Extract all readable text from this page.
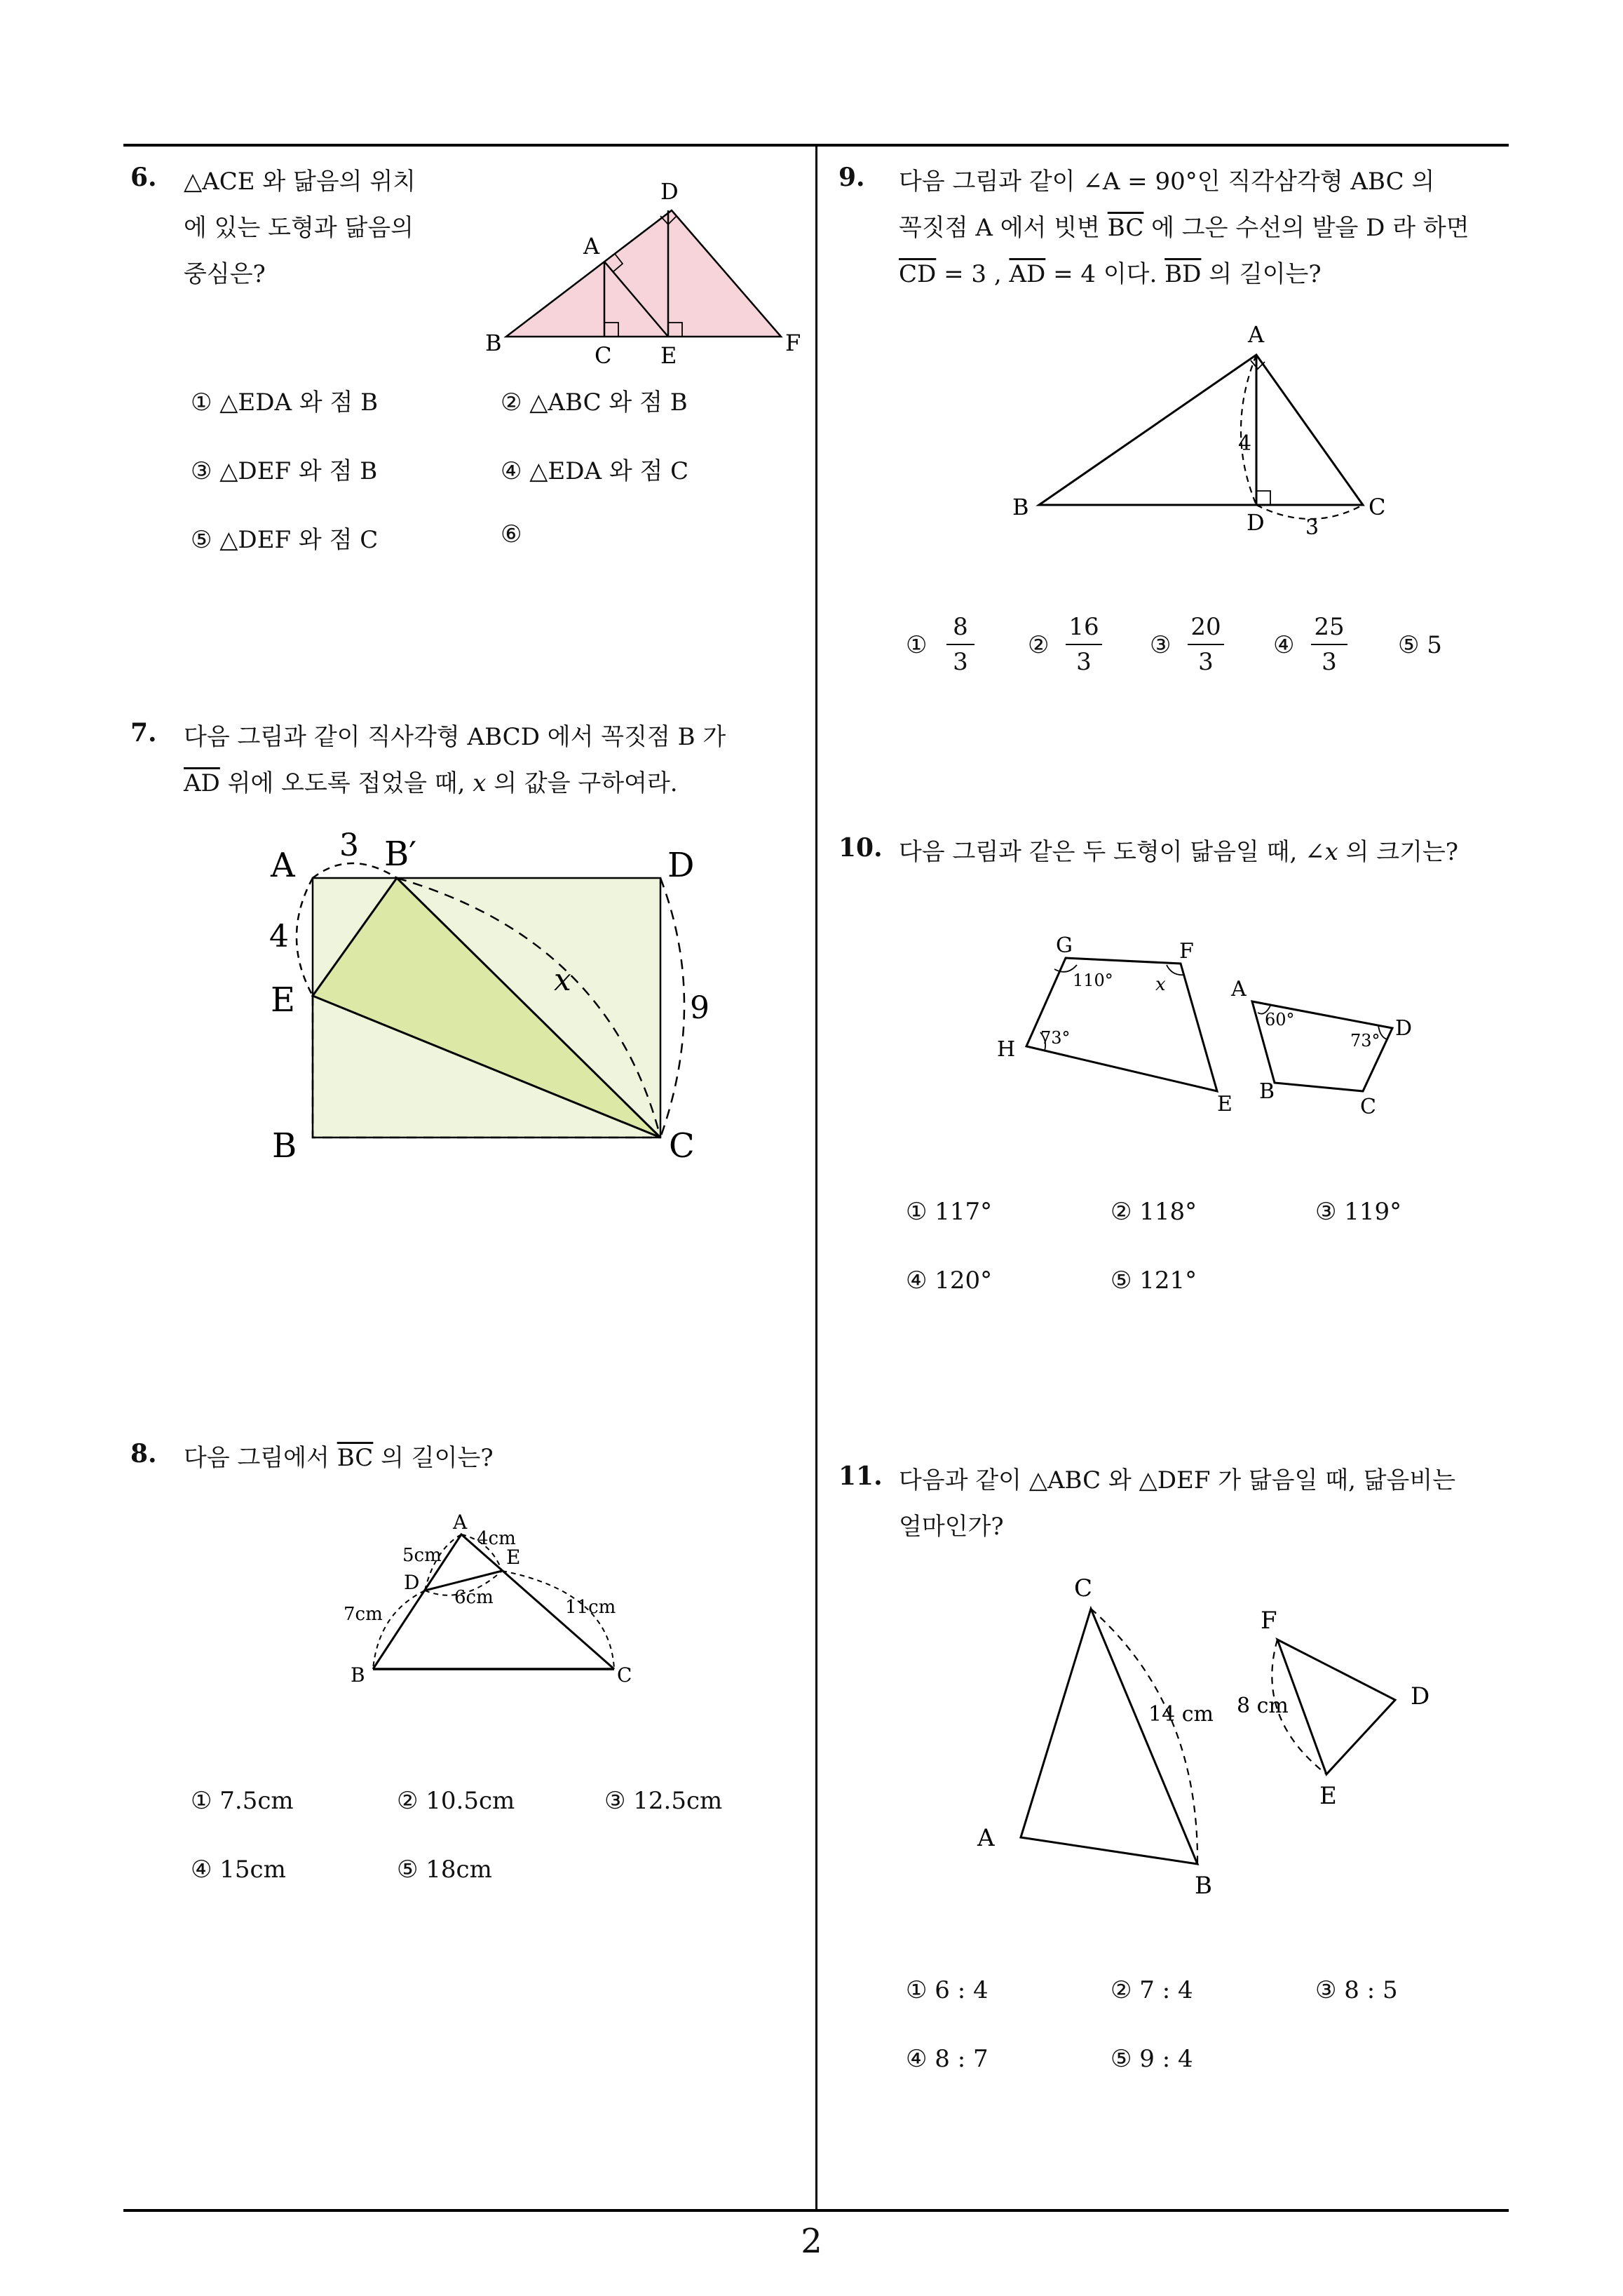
2
6. △ACE 와 닮음의 위치
에 있는 도형과 닮음의
중심은?
A
B	C
D
E	F
① △EDA 와 점 B	② △ABC 와 점 B
③ △DEF 와 점 B	④ △EDA 와 점 C
⑤ △DEF 와 점 C	⑥
7. 다음 그림과 같이 직사각형 ABCD 에서 꼭짓점 B 가
$\overline{AD}$ 위에 오도록 접었을 때, x 의 값을 구하여라.
A
3 B′	D
4
E
x
9
B	C
8. 다음 그림에서 $\overline{BC}$ 의 길이는?
A
5cm
4cm
E
D
6cm
7cm	11cm
B	C
① 7.5cm	② 10.5cm	③ 12.5cm
④ 15cm	⑤ 18cm
9. 다음 그림과 같이 ∠A = 90°인 직각삼각형 ABC 의
꼭짓점 A 에서 빗변 $\overline{BC}$ 에 그은 수선의 발을 D 라 하면
$\overline{CD} = 3$ , $\overline{AD} = 4$ 이다. $\overline{BD}$ 의 길이는?
A
B	C
D
4
3
①
8
3
②
16
3
③
20
3
④
25
3
⑤ 5
10. 다음 그림과 같은 두 도형이 닮음일 때, ∠x 의 크기는?
G	F
H
E
110° x
73°
A
60°
73° D
B
C
① 117°	② 118°	③ 119°
④ 120°	⑤ 121°
11. 다음과 같이 △ABC 와 △DEF 가 닮음일 때, 닮음비는
얼마인가?
C
A
B
14 cm
F
D
E
8 cm
① 6 : 4	② 7 : 4	③ 8 : 5
④ 8 : 7	⑤ 9 : 4
